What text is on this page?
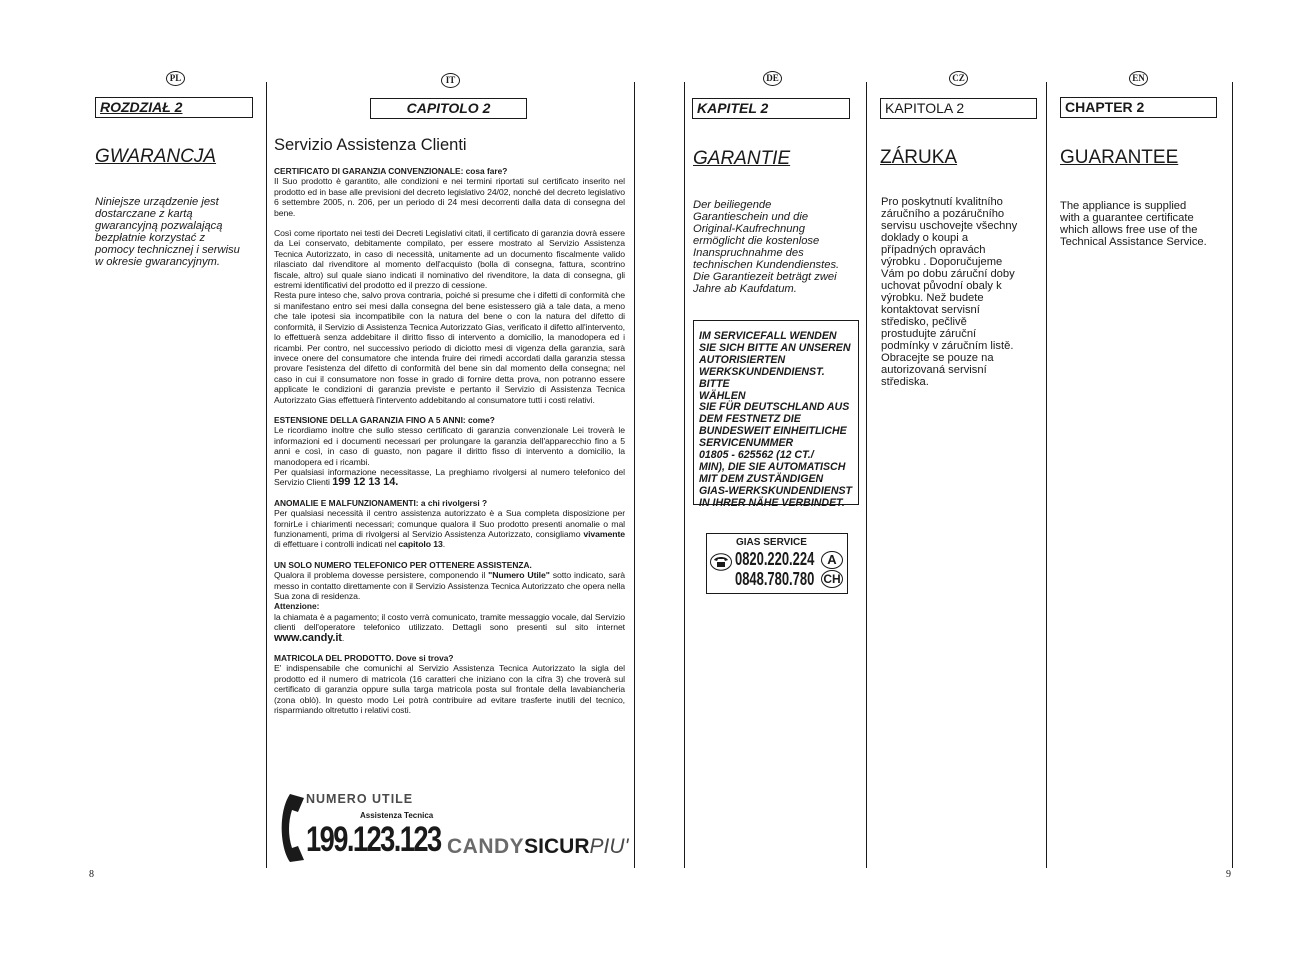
PL	IT	DE	CZ	EN
ROZDZIAŁ 2	CAPITOLO 2	KAPITEL 2	KAPITOLA 2	CHAPTER 2
GWARANCJA
Niniejsze urządzenie jest
dostarczane z kartą
gwarancyjną pozwalającą
bezpłatnie korzystać z
pomocy technicznej i serwisu
w okresie gwarancyjnym.
Servizio Assistenza Clienti

CERTIFICATO DI GARANZIA CONVENZIONALE: cosa fare?

Il Suo prodotto è garantito, alle condizioni e nei termini riportati sul certificato inserito nel prodotto ed in base alle previsioni del decreto legislativo 24/02, nonché del decreto legislativo 6 settembre 2005, n. 206, per un periodo di 24 mesi decorrenti dalla data di consegna del bene.

Così come riportato nei testi dei Decreti Legislativi citati, il certificato di garanzia dovrà essere da Lei conservato, debitamente compilato, per essere mostrato al Servizio Assistenza Tecnica Autorizzato, in caso di necessità, unitamente ad un documento fiscalmente valido rilasciato dal rivenditore al momento dell'acquisto (bolla di consegna, fattura, scontrino fiscale, altro) sul quale siano indicati il nominativo del rivenditore, la data di consegna, gli estremi identificativi del prodotto ed il prezzo di cessione.

Resta pure inteso che, salvo prova contraria, poiché si presume che i difetti di conformità che si manifestano entro sei mesi dalla consegna del bene esistessero già a tale data, a meno che tale ipotesi sia incompatibile con la natura del bene o con la natura del difetto di conformità, il Servizio di Assistenza Tecnica Autorizzato Gias, verificato il difetto all'intervento, lo effettuerà senza addebitare il diritto fisso di intervento a domicilio, la manodopera ed i ricambi. Per contro, nel successivo periodo di diciotto mesi di vigenza della garanzia, sarà invece onere del consumatore che intenda fruire dei rimedi accordati dalla garanzia stessa provare l'esistenza del difetto di conformità del bene sin dal momento della consegna; nel caso in cui il consumatore non fosse in grado di fornire detta prova, non potranno essere applicate le condizioni di garanzia previste e pertanto il Servizio di Assistenza Tecnica Autorizzato Gias effettuerà l'intervento addebitando al consumatore tutti i costi relativi.

ESTENSIONE DELLA GARANZIA FINO A 5 ANNI: come?

Le ricordiamo inoltre che sullo stesso certificato di garanzia convenzionale Lei troverà le informazioni ed i documenti necessari per prolungare la garanzia dell'apparecchio fino a 5 anni e così, in caso di guasto, non pagare il diritto fisso di intervento a domicilio, la manodopera ed i ricambi.

Per qualsiasi informazione necessitasse, La preghiamo rivolgersi al numero telefonico del Servizio Clienti 199 12 13 14.

ANOMALIE E MALFUNZIONAMENTI: a chi rivolgersi ?

Per qualsiasi necessità il centro assistenza autorizzato è a Sua completa disposizione per fornirLe i chiarimenti necessari; comunque qualora il Suo prodotto presenti anomalie o mal funzionamenti, prima di rivolgersi al Servizio Assistenza Autorizzato, consigliamo vivamente di effettuare i controlli indicati nel capitolo 13.

UN SOLO NUMERO TELEFONICO PER OTTENERE ASSISTENZA.

Qualora il problema dovesse persistere, componendo il "Numero Utile" sotto indicato, sarà messo in contatto direttamente con il Servizio Assistenza Tecnica Autorizzato che opera nella Sua zona di residenza.

Attenzione:

la chiamata è a pagamento; il costo verrà comunicato, tramite messaggio vocale, dal Servizio clienti dell'operatore telefonico utilizzato. Dettagli sono presenti sul sito internet www.candy.it.

MATRICOLA DEL PRODOTTO. Dove si trova?

E' indispensabile che comunichi al Servizio Assistenza Tecnica Autorizzato la sigla del prodotto ed il numero di matricola (16 caratteri che iniziano con la cifra 3) che troverà sul certificato di garanzia oppure sulla targa matricola posta sul frontale della lavabiancheria (zona oblò). In questo modo Lei potrà contribuire ad evitare trasferte inutili del tecnico, risparmiando oltretutto i relativi costi.

NUMERO UTILE
Assistenza Tecnica
199.123.123 CANDYSICURPIU'
GARANTIE
Der beiliegende
Garantieschein und die
Original-Kaufrechnung
ermöglicht die kostenlose
Inanspruchnahme des
technischen Kundendienstes.
Die Garantiezeit beträgt zwei
Jahre ab Kaufdatum.

IM SERVICEFALL WENDEN

SIE SICH BITTE AN UNSEREN

AUTORISIERTEN

WERKSKUNDENDIENST. BITTE

WÄHLEN

SIE FÜR DEUTSCHLAND AUS

DEM FESTNETZ DIE

BUNDESWEIT EINHEITLICHE

SERVICENUMMER

01805 - 625562 (12 CT./

MIN), DIE SIE AUTOMATISCH

MIT DEM ZUSTÄNDIGEN

GIAS-WERKSKUNDENDIENST

IN IHRER NÄHE VERBINDET.

GIAS SERVICE
0820.220.224
0848.780.780
A
CH
ZÁRUKA
Pro poskytnutí kvalitního
záručního a pozáručního
servisu uschovejte všechny
doklady o koupi a
případných opravách
výrobku . Doporučujeme
Vám po dobu záruční doby
uchovat původní obaly k
výrobku. Než budete
kontaktovat servisní
středisko, pečlivě
prostudujte záruční
podmínky v záručním listě.
Obracejte se pouze na
autorizovaná servisní
střediska.
GUARANTEE
The appliance is supplied
with a guarantee certificate
which allows free use of the
Technical Assistance Service.
8	9
